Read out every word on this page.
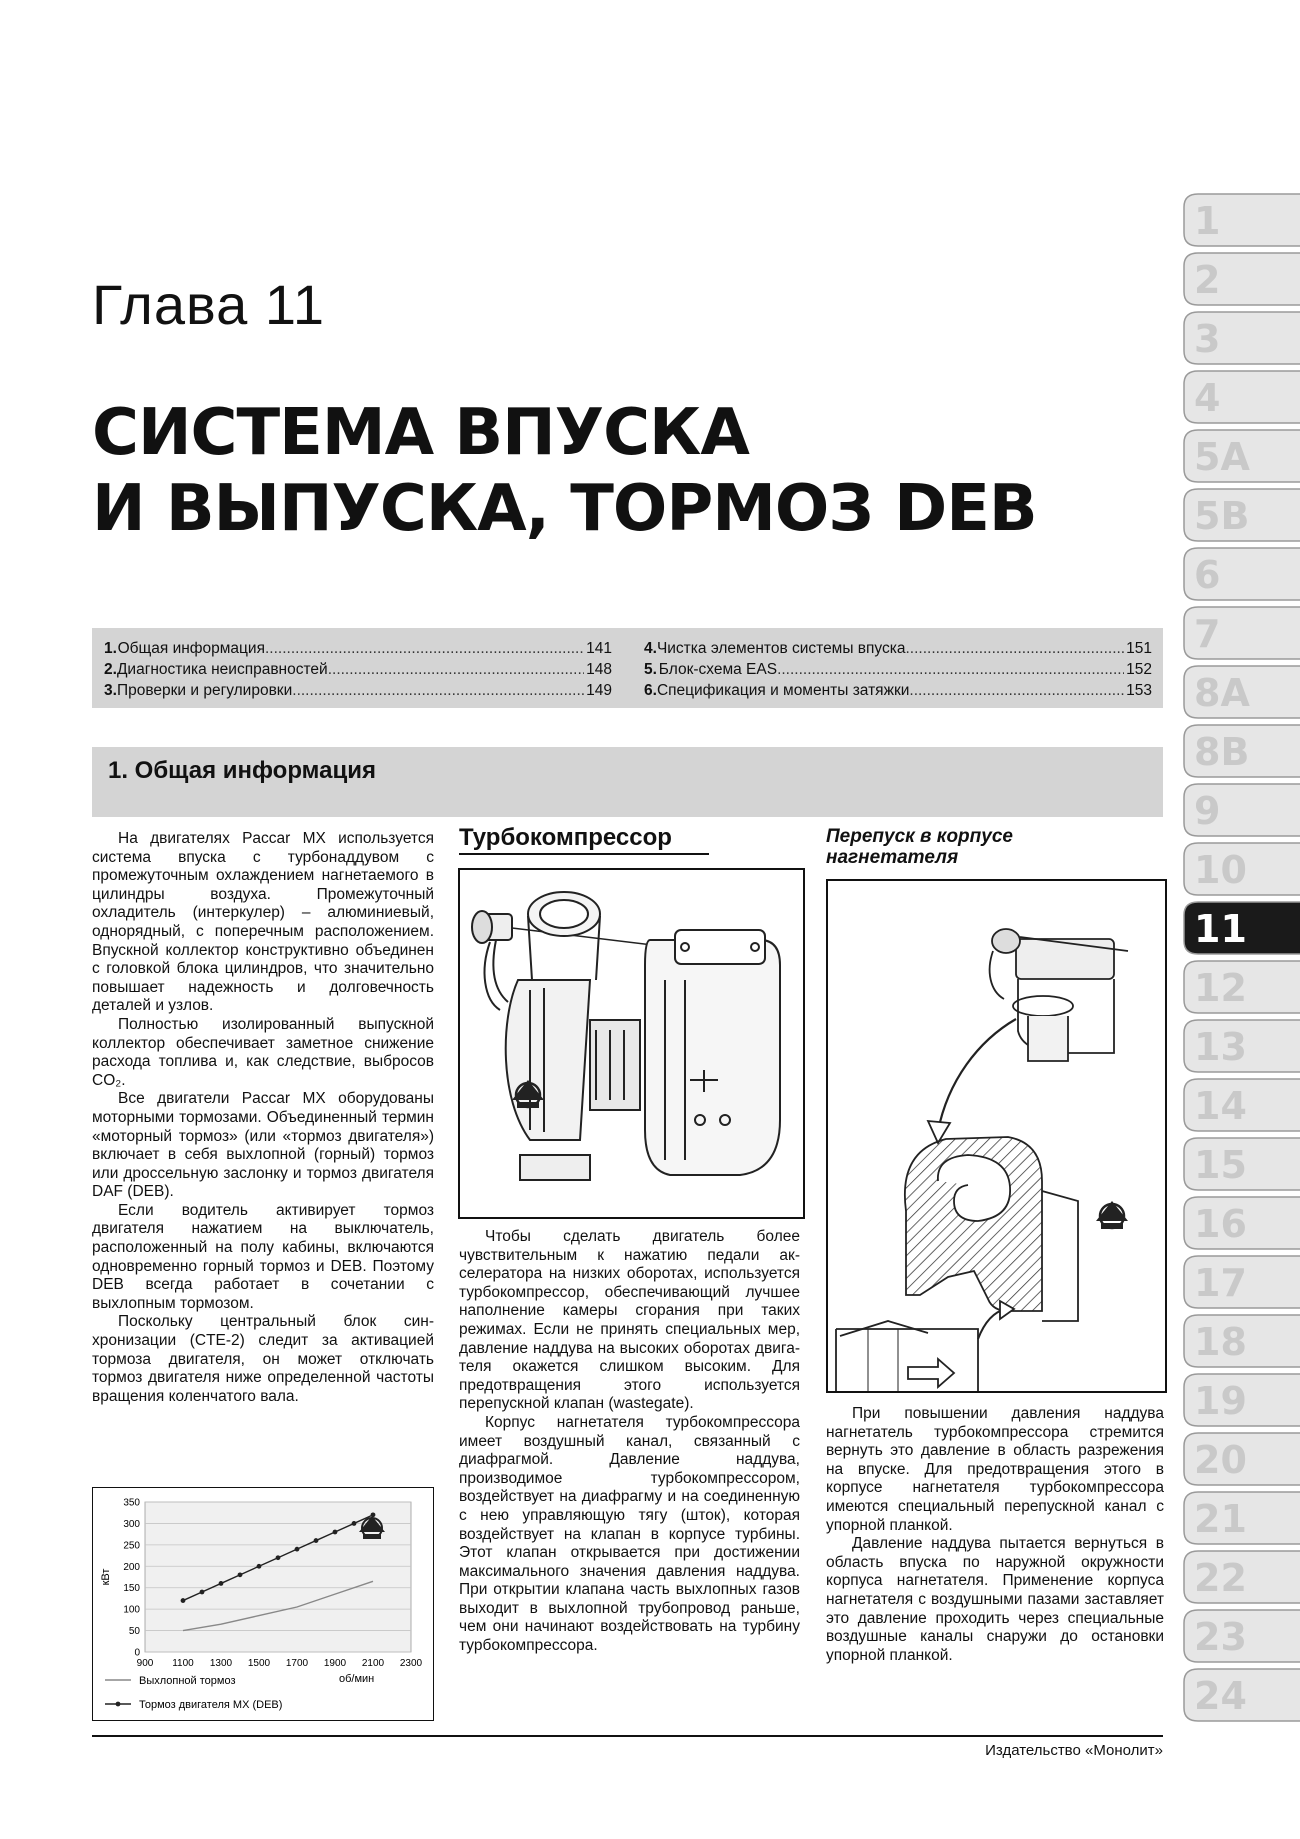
Глава 11
СИСТЕМА ВПУСКА
И ВЫПУСКА, ТОРМОЗ DEB
1. Общая информация .....	141
2. Диагностика неисправностей .....	148
3. Проверки и регулировки .....	149
4. Чистка элементов системы впуска .....	151
5. Блок-схема EAS .....	152
6. Спецификация и моменты затяжки .....	153
1. Общая информация

На двигателях Paccar MX используется система впуска с турбонаддувом с промежуточным охлаждением нагнетаемого в цилиндры воздуха. Промежуточный охладитель (интеркулер) – алюминиевый, однорядный, с поперечным расположением. Впускной коллектор конструктивно объединен с головкой блока цилиндров, что значительно повышает надежность и долговечность деталей и узлов.

Полностью изолированный выпускной коллектор обеспечивает заметное снижение расхода топлива и, как следствие, выбросов CO₂.

Все двигатели Paccar MX оборудованы моторными тормозами. Объединенный термин «моторный тормоз» (или «тормоз двигателя») включает в себя выхлопной (горный) тормоз или дроссельную заслонку и тормоз двигателя DAF (DEB).

Если водитель активирует тормоз двигателя нажатием на выключатель, расположенный на полу кабины, включаются одновременно горный тормоз и DEB. Поэтому DEB всегда работает в сочетании с выхлопным тормозом.

Поскольку центральный блок синхронизации (CTE-2) следит за активацией тормоза двигателя, он может отключать тормоз двигателя ниже определенной частоты вращения коленчатого вала.

0
50
100
150
200
250
300
350
900 1100 1300 1500 1700 1900 2100 2300
кВт
об/мин
Выхлопной тормоз
Тормоз двигателя MX (DEB)
Турбокомпрессор

Чтобы сделать двигатель более чувствительным к нажатию педали акселератора на низких оборотах, используется турбокомпрессор, обеспечивающий лучшее наполнение камеры сгорания при таких режимах. Если не принять специальных мер, давление наддува на высоких оборотах двигателя окажется слишком высоким. Для предотвращения этого используется перепускной клапан (wastegate).

Корпус нагнетателя турбокомпрессора имеет воздушный канал, связанный с диафрагмой. Давление наддува, производимое турбокомпрессором, воздействует на диафрагму и на соединенную с нею управляющую тягу (шток), которая воздействует на клапан в корпусе турбины. Этот клапан открывается при достижении максимального значения давления наддува. При открытии клапана часть выхлопных газов выходит в выхлопной трубопровод раньше, чем они начинают воздействовать на турбину турбокомпрессора.

Перепуск в корпусе
нагнетателя

При повышении давления наддува нагнетатель турбокомпрессора стремится вернуть это давление в область разрежения на впуске. Для предотвращения этого в корпусе нагнетателя турбокомпрессора имеются специальный перепускной канал с упорной планкой.

Давление наддува пытается вернуться в область впуска по наружной окружности корпуса нагнетателя. Применение корпуса нагнетателя с воздушными пазами заставляет это давление проходить через специальные воздушные каналы снаружи до остановки упорной планкой.

Издательство «Монолит»
1
2
3
4
5A
5B
6
7
8A
8B
9
10
11
12
13
14
15
16
17
18
19
20
21
22
23
24
